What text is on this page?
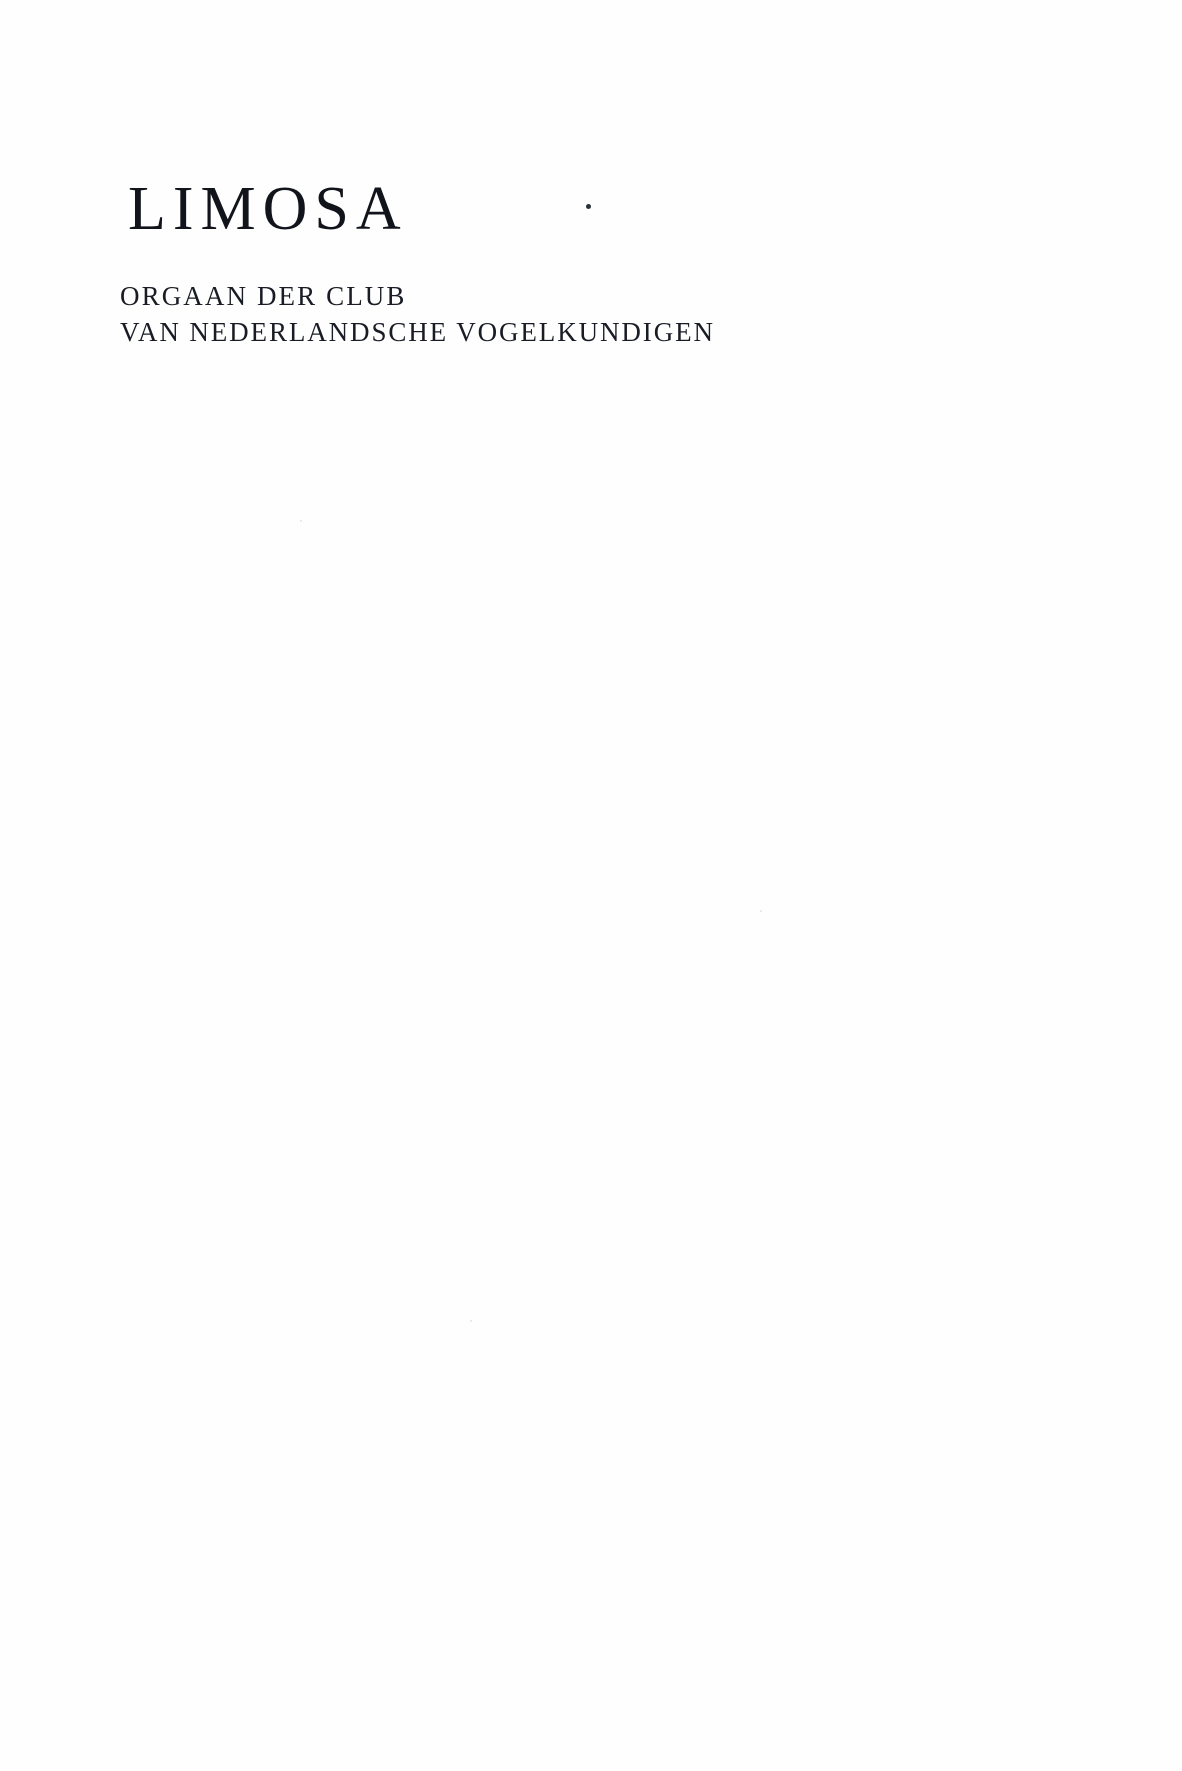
LIMOSA

ORGAAN DER CLUB

VAN NEDERLANDSCHE VOGELKUNDIGEN
